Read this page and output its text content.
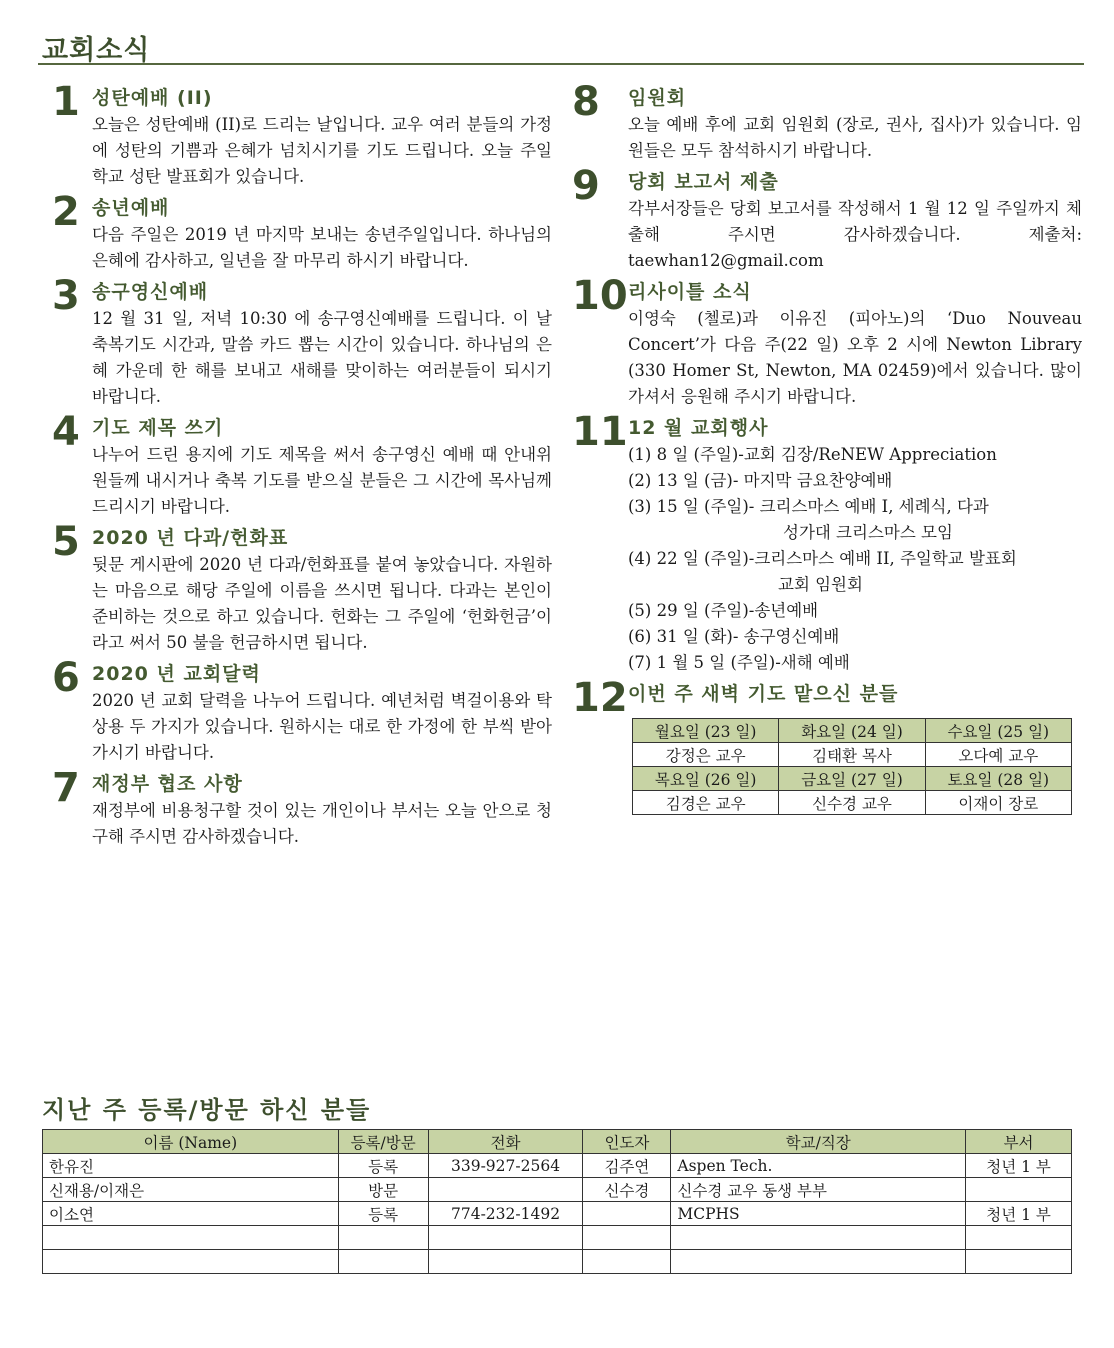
교회소식
1 성탄예배 (II)
오늘은 성탄예배 (II)로 드리는 날입니다. 교우 여러 분들의 가정에 성탄의 기쁨과 은혜가 넘치시기를 기도 드립니다. 오늘 주일학교 성탄 발표회가 있습니다.
2 송년예배
다음 주일은 2019 년 마지막 보내는 송년주일입니다. 하나님의 은혜에 감사하고, 일년을 잘 마무리 하시기 바랍니다.
3 송구영신예배
12 월 31 일, 저녁 10:30 에 송구영신예배를 드립니다. 이 날 축복기도 시간과, 말씀 카드 뽑는 시간이 있습니다. 하나님의 은혜 가운데 한 해를 보내고 새해를 맞이하는 여러분들이 되시기 바랍니다.
4 기도 제목 쓰기
나누어 드린 용지에 기도 제목을 써서 송구영신 예배 때 안내위원들께 내시거나 축복 기도를 받으실 분들은 그 시간에 목사님께 드리시기 바랍니다.
5 2020 년 다과/헌화표
뒷문 게시판에 2020 년 다과/헌화표를 붙여 놓았습니다. 자원하는 마음으로 해당 주일에 이름을 쓰시면 됩니다. 다과는 본인이 준비하는 것으로 하고 있습니다. 헌화는 그 주일에 ‘헌화헌금’이라고 써서 50 불을 헌금하시면 됩니다.
6 2020 년 교회달력
2020 년 교회 달력을 나누어 드립니다. 예년처럼 벽걸이용와 탁상용 두 가지가 있습니다. 원하시는 대로 한 가정에 한 부씩 받아 가시기 바랍니다.
7 재정부 협조 사항
재정부에 비용청구할 것이 있는 개인이나 부서는 오늘 안으로 청구해 주시면 감사하겠습니다.
8 임원회
오늘 예배 후에 교회 임원회 (장로, 권사, 집사)가 있습니다. 임원들은 모두 참석하시기 바랍니다.
9 당회 보고서 제출
각부서장들은 당회 보고서를 작성해서 1 월 12 일 주일까지 체출해 주시면 감사하겠습니다. 제출처: taewhan12@gmail.com
10 리사이틀 소식
이영숙 (첼로)과 이유진 (피아노)의 ‘Duo Nouveau Concert’가 다음 주(22 일) 오후 2 시에 Newton Library (330 Homer St, Newton, MA 02459)에서 있습니다. 많이 가셔서 응원해 주시기 바랍니다.
11 12 월 교회행사
(1) 8 일 (주일)-교회 김장/ReNEW Appreciation
(2) 13 일 (금)- 마지막 금요찬양예배
(3) 15 일 (주일)- 크리스마스 예배 I, 세례식, 다과
성가대 크리스마스 모임
(4) 22 일 (주일)-크리스마스 예배 II, 주일학교 발표회
교회 임원회
(5) 29 일 (주일)-송년예배
(6) 31 일 (화)- 송구영신예배
(7) 1 월 5 일 (주일)-새해 예배
12 이번 주 새벽 기도 맡으신 분들
월요일 (23 일)	화요일 (24 일)	수요일 (25 일)
강정은 교우	김태환 목사	오다예 교우
목요일 (26 일)	금요일 (27 일)	토요일 (28 일)
김경은 교우	신수경 교우	이재이 장로
지난 주 등록/방문 하신 분들
이름 (Name)	등록/방문	전화	인도자	학교/직장	부서
한유진	등록	339-927-2564	김주연	Aspen Tech.	청년 1 부
신재용/이재은	방문		신수경	신수경 교우 동생 부부	
이소연	등록	774-232-1492		MCPHS	청년 1 부
